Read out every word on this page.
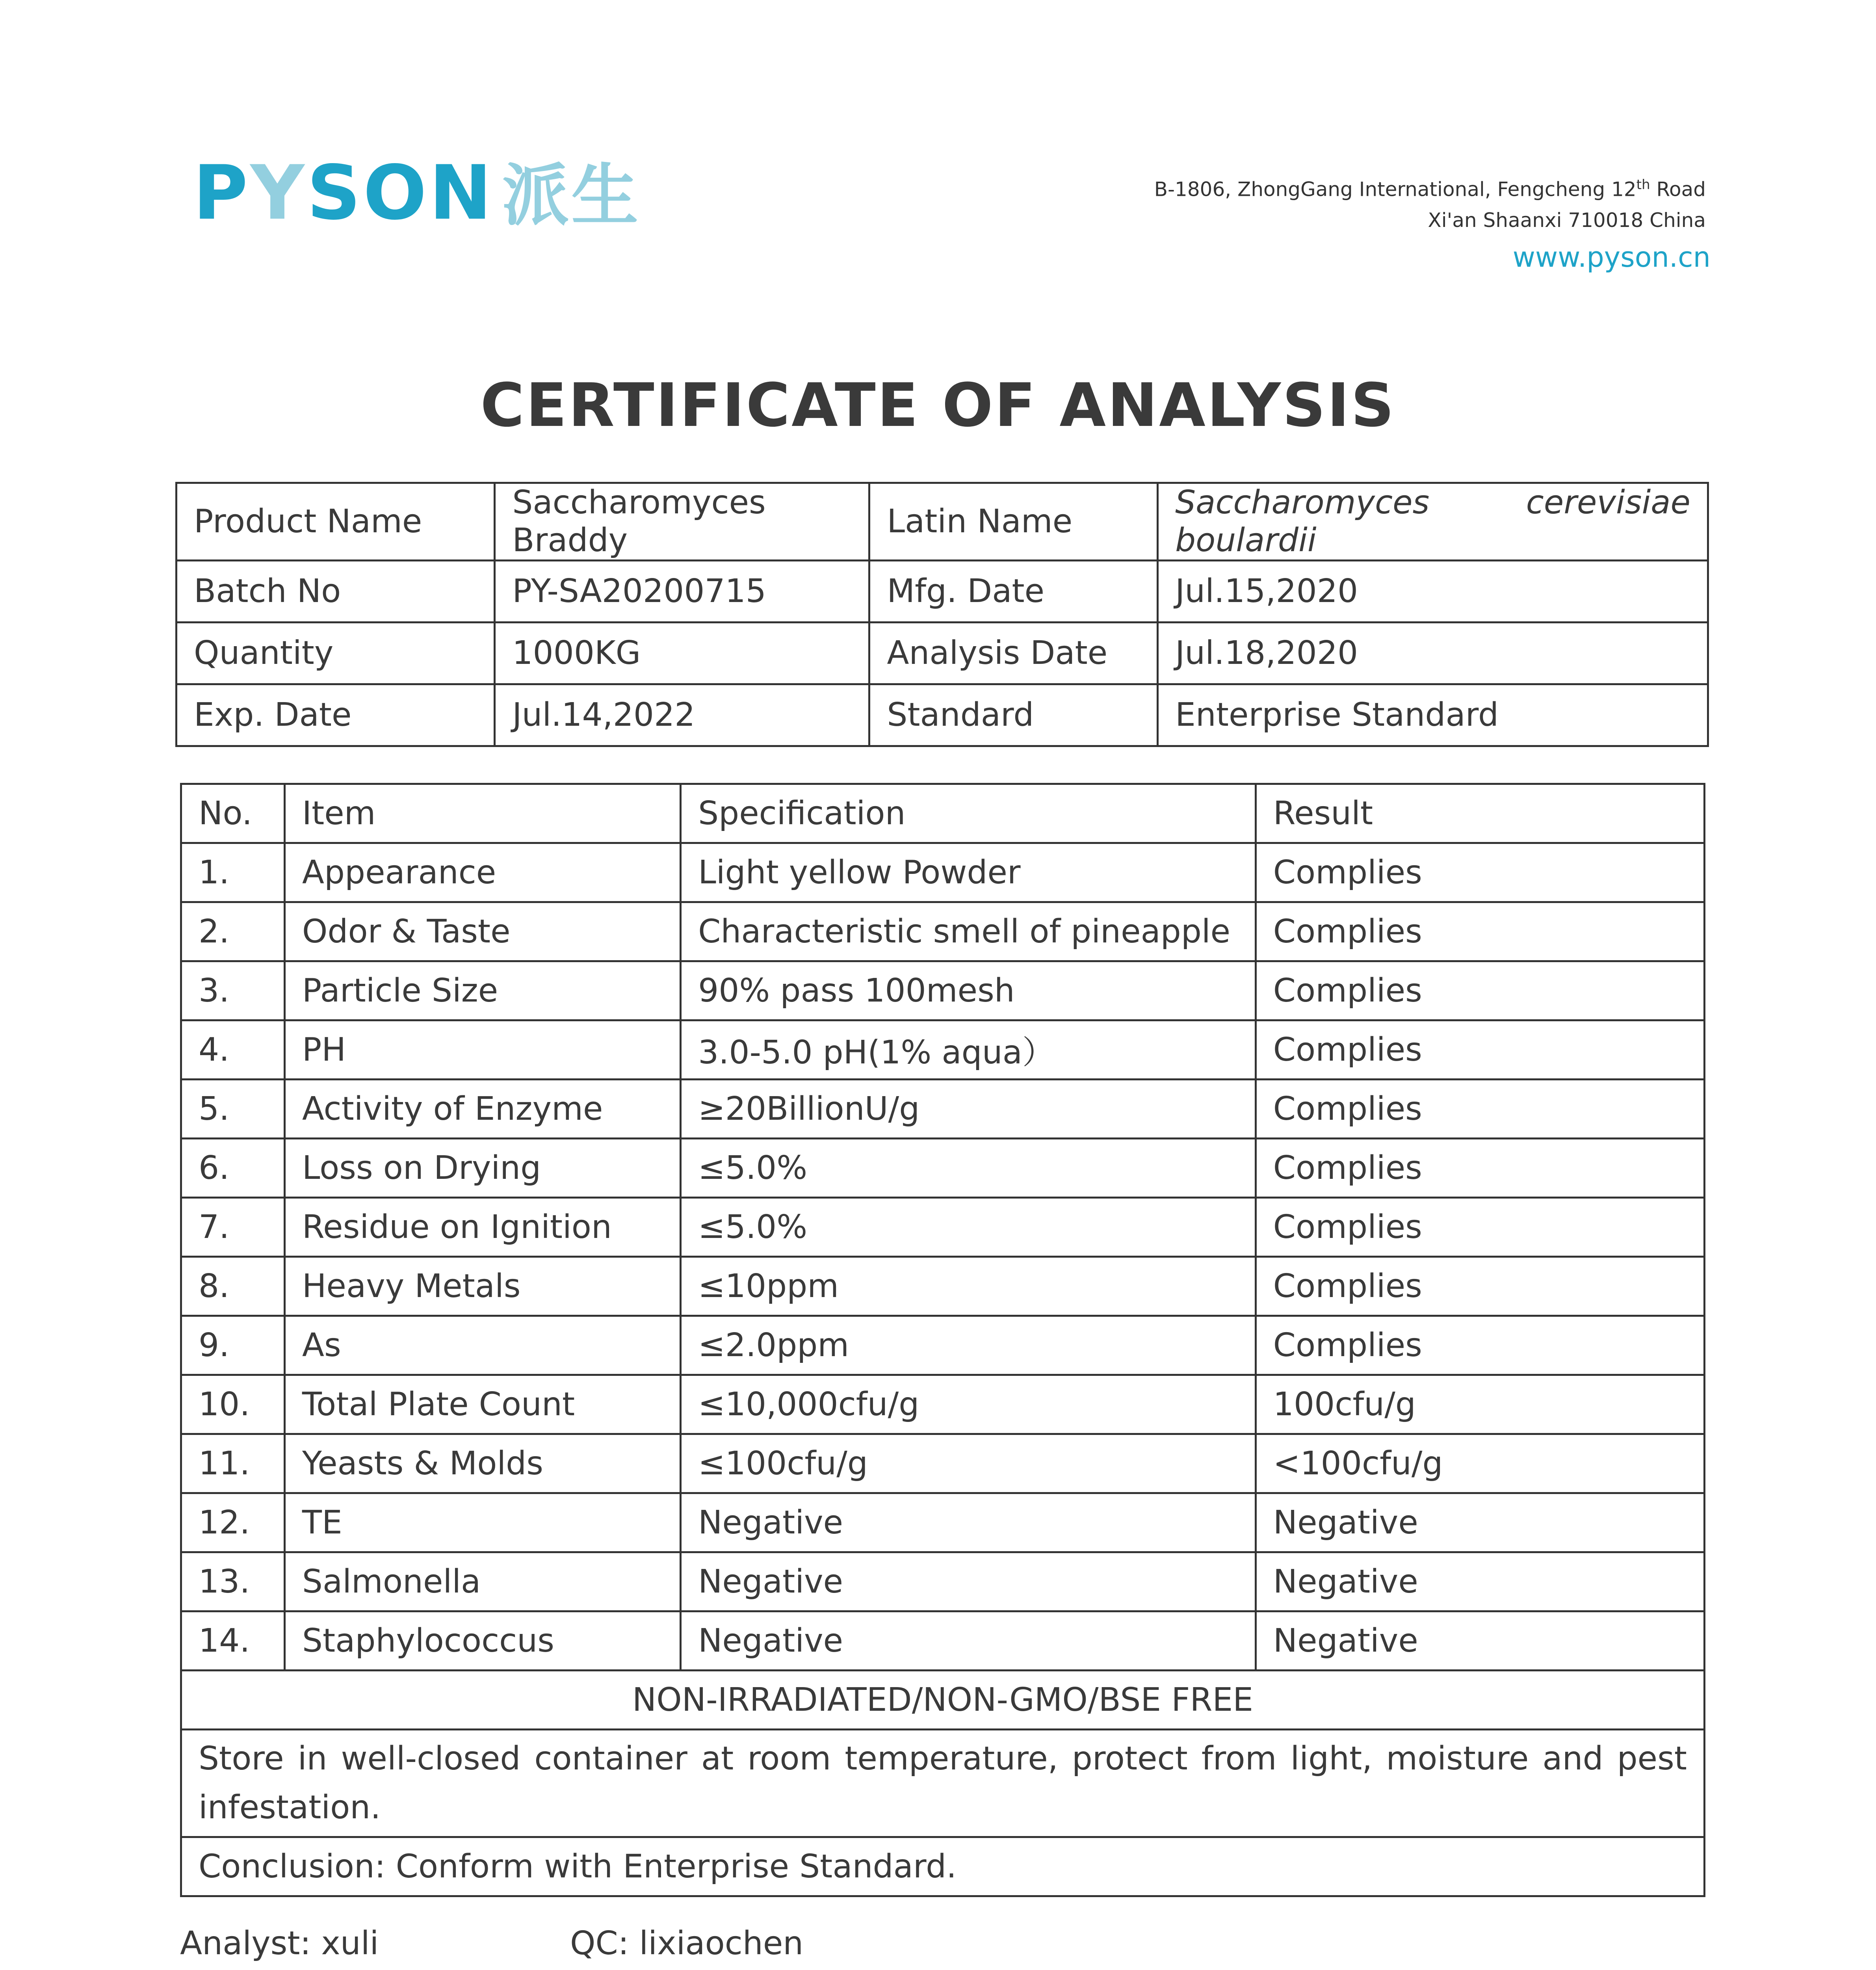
PYSON 派生	B-1806, ZhongGang International, Fengcheng 12th Road
Xi'an Shaanxi 710018 China
www.pyson.cn
CERTIFICATE OF ANALYSIS
Product Name	Saccharomyces Braddy	Latin Name	Saccharomyces cerevisiae
boulardii

Batch No	PY-SA20200715	Mfg. Date	Jul.15,2020
Quantity	1000KG	Analysis Date	Jul.18,2020
Exp. Date	Jul.14,2022	Standard	Enterprise Standard
No.	Item	Specification	Result
1.	Appearance	Light yellow Powder	Complies
2.	Odor & Taste	Characteristic smell of pineapple	Complies
3.	Particle Size	90% pass 100mesh	Complies
4.	PH	3.0-5.0 pH(1% aqua）	Complies
5.	Activity of Enzyme	≥20BillionU/g	Complies
6.	Loss on Drying	≤5.0%	Complies
7.	Residue on Ignition	≤5.0%	Complies
8.	Heavy Metals	≤10ppm	Complies
9.	As	≤2.0ppm	Complies
10.	Total Plate Count	≤10,000cfu/g	100cfu/g
11.	Yeasts & Molds	≤100cfu/g	<100cfu/g
12.	TE	Negative	Negative
13.	Salmonella	Negative	Negative
14.	Staphylococcus	Negative	Negative
NON-IRRADIATED/NON-GMO/BSE FREE			
Store in well-closed container at room temperature, protect from light, moisture and pest infestation.			
Conclusion: Conform with Enterprise Standard.			
Analyst: xuli	QC: lixiaochen
